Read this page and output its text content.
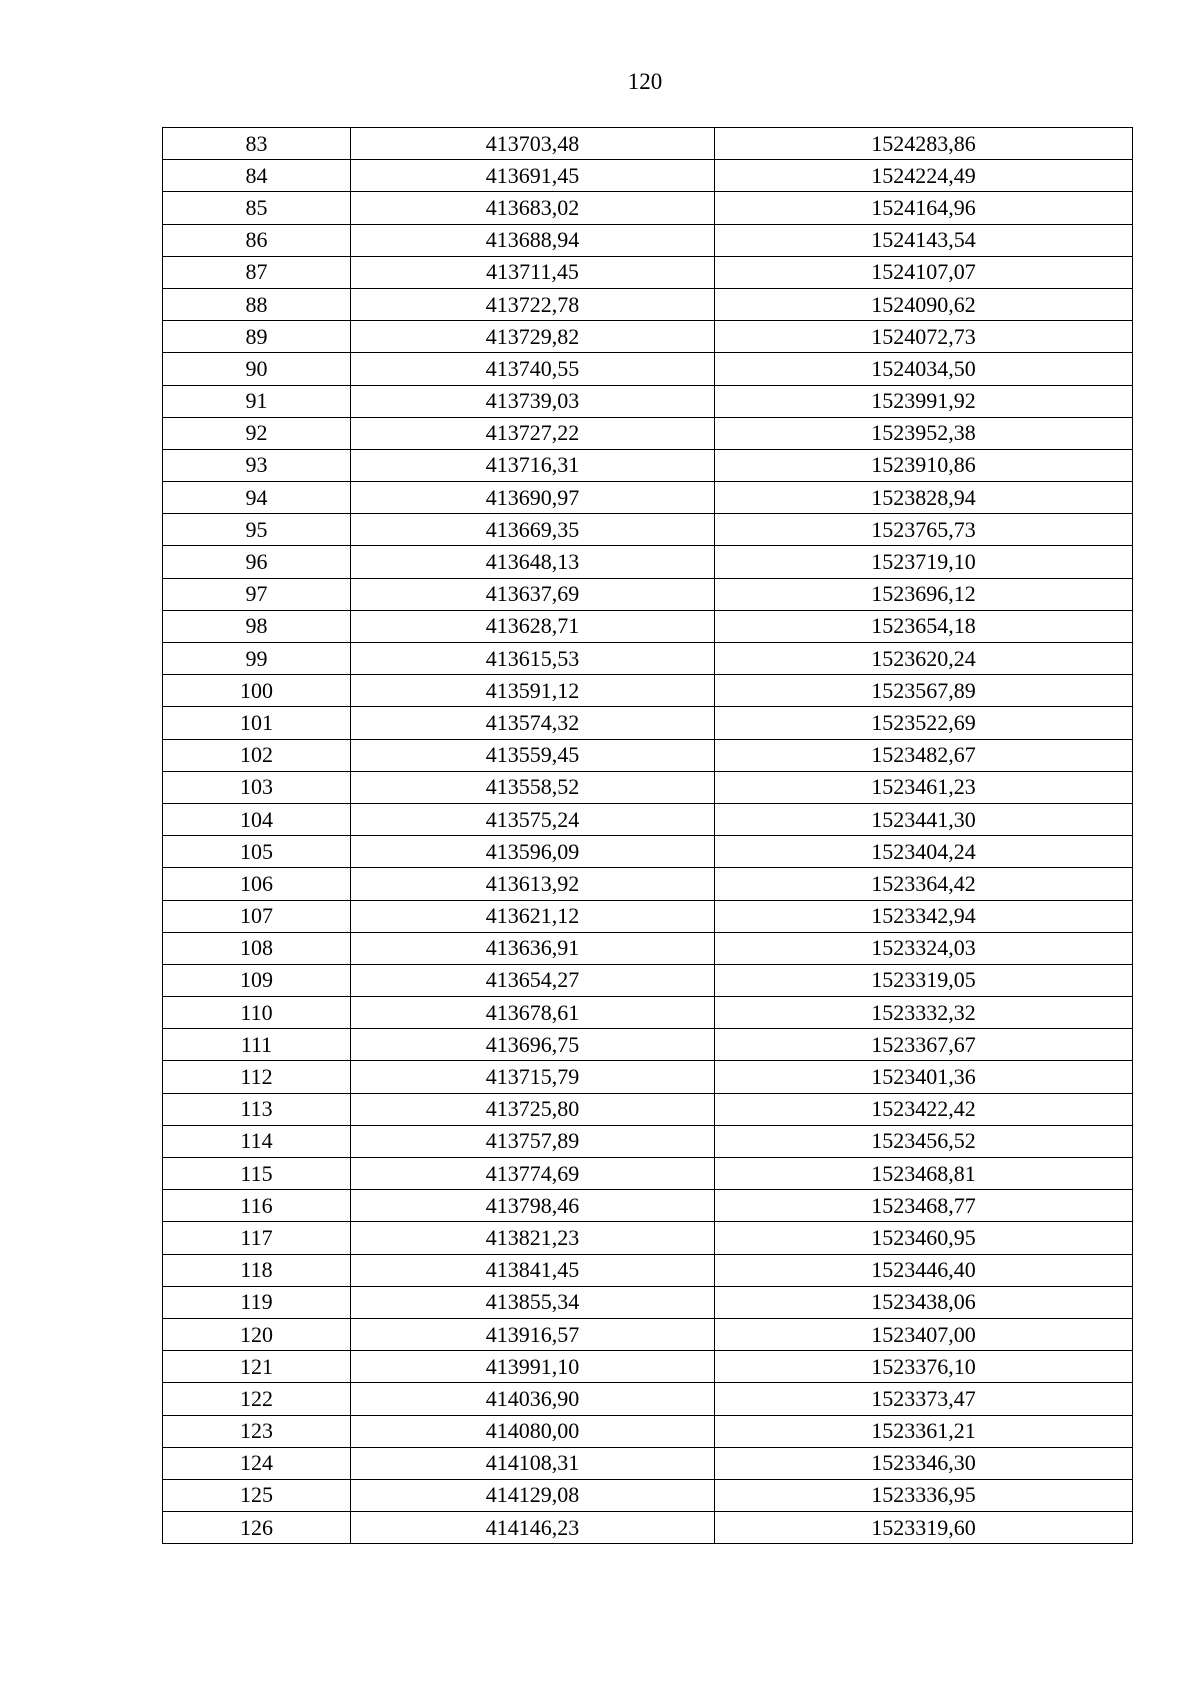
120
83	413703,48	1524283,86
84	413691,45	1524224,49
85	413683,02	1524164,96
86	413688,94	1524143,54
87	413711,45	1524107,07
88	413722,78	1524090,62
89	413729,82	1524072,73
90	413740,55	1524034,50
91	413739,03	1523991,92
92	413727,22	1523952,38
93	413716,31	1523910,86
94	413690,97	1523828,94
95	413669,35	1523765,73
96	413648,13	1523719,10
97	413637,69	1523696,12
98	413628,71	1523654,18
99	413615,53	1523620,24
100	413591,12	1523567,89
101	413574,32	1523522,69
102	413559,45	1523482,67
103	413558,52	1523461,23
104	413575,24	1523441,30
105	413596,09	1523404,24
106	413613,92	1523364,42
107	413621,12	1523342,94
108	413636,91	1523324,03
109	413654,27	1523319,05
110	413678,61	1523332,32
111	413696,75	1523367,67
112	413715,79	1523401,36
113	413725,80	1523422,42
114	413757,89	1523456,52
115	413774,69	1523468,81
116	413798,46	1523468,77
117	413821,23	1523460,95
118	413841,45	1523446,40
119	413855,34	1523438,06
120	413916,57	1523407,00
121	413991,10	1523376,10
122	414036,90	1523373,47
123	414080,00	1523361,21
124	414108,31	1523346,30
125	414129,08	1523336,95
126	414146,23	1523319,60
